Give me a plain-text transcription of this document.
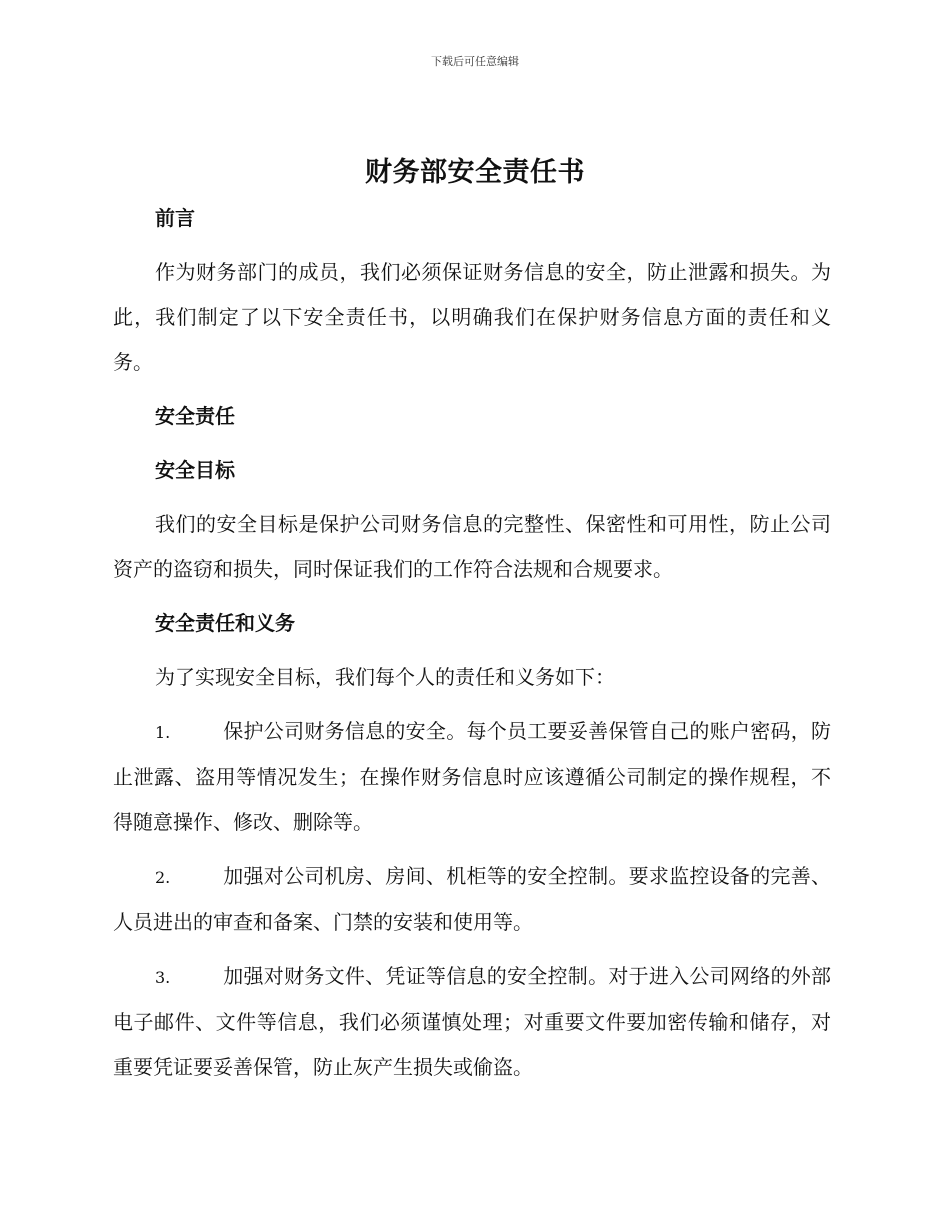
下载后可任意编辑
财务部安全责任书
前言
作为财务部门的成员，我们必须保证财务信息的安全，防止泄露和损失。为此，我们制定了以下安全责任书，以明确我们在保护财务信息方面的责任和义务。
安全责任
安全目标
我们的安全目标是保护公司财务信息的完整性、保密性和可用性，防止公司资产的盗窃和损失，同时保证我们的工作符合法规和合规要求。
安全责任和义务
为了实现安全目标，我们每个人的责任和义务如下：
1.	保护公司财务信息的安全。每个员工要妥善保管自己的账户密码，防止泄露、盗用等情况发生；在操作财务信息时应该遵循公司制定的操作规程，不得随意操作、修改、删除等。
2.	加强对公司机房、房间、机柜等的安全控制。要求监控设备的完善、人员进出的审查和备案、门禁的安装和使用等。
3.	加强对财务文件、凭证等信息的安全控制。对于进入公司网络的外部电子邮件、文件等信息，我们必须谨慎处理；对重要文件要加密传输和储存，对重要凭证要妥善保管，防止灰产生损失或偷盗。
